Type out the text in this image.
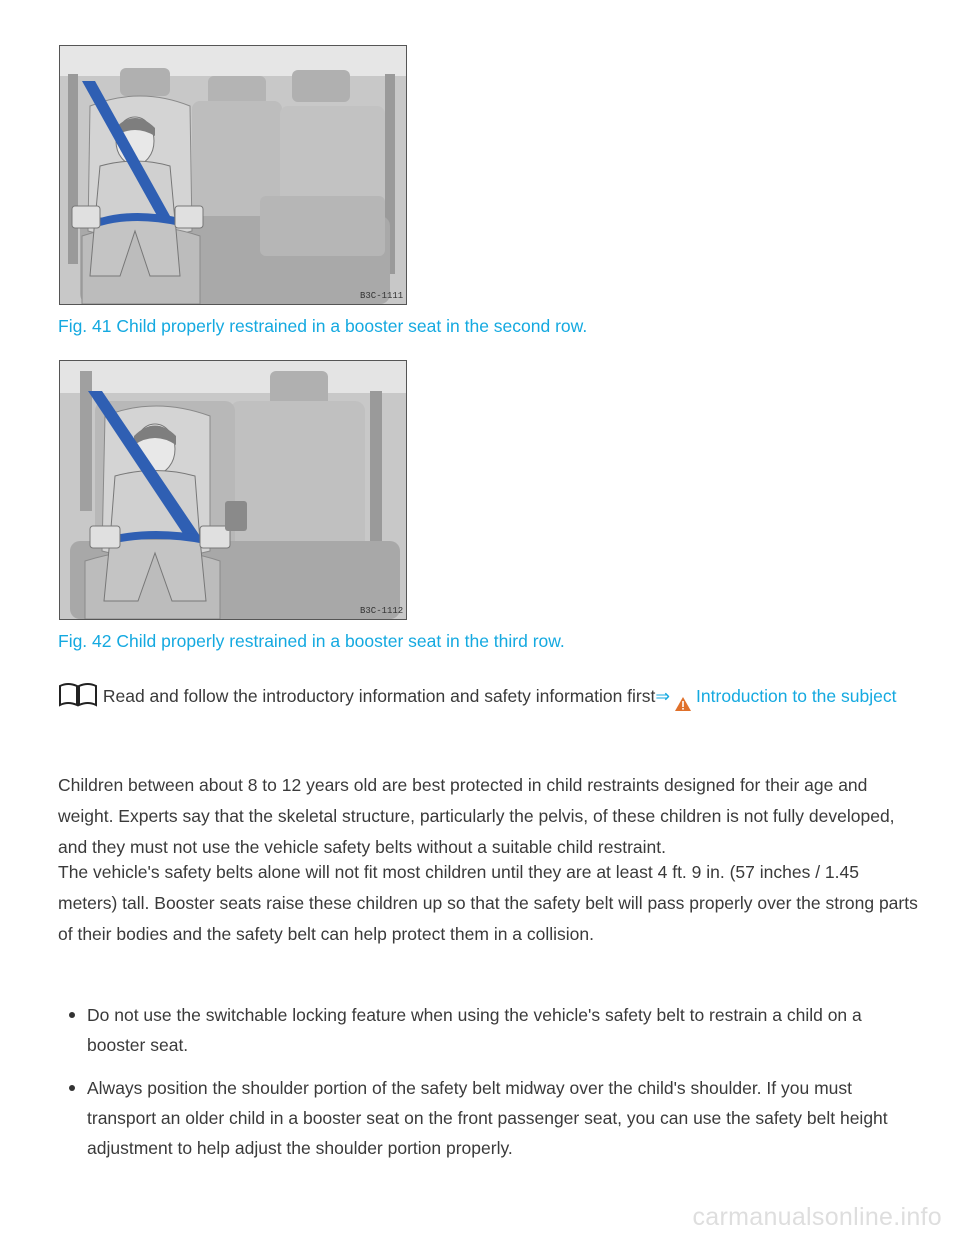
B3C-1111

Fig. 41 Child properly restrained in a booster seat in the second row.

B3C-1112

Fig. 42 Child properly restrained in a booster seat in the third row.

Read and follow the introductory information and safety information first⇒ Introduction to the subject

Children between about 8 to 12 years old are best protected in child restraints designed for their age and weight. Experts say that the skeletal structure, particularly the pelvis, of these children is not fully developed, and they must not use the vehicle safety belts without a suitable child restraint.

The vehicle's safety belts alone will not fit most children until they are at least 4 ft. 9 in. (57 inches / 1.45 meters) tall. Booster seats raise these children up so that the safety belt will pass properly over the strong parts of their bodies and the safety belt can help protect them in a collision.

Do not use the switchable locking feature when using the vehicle's safety belt to restrain a child on a booster seat.
Always position the shoulder portion of the safety belt midway over the child's shoulder. If you must transport an older child in a booster seat on the front passenger seat, you can use the safety belt height adjustment to help adjust the shoulder portion properly.
carmanualsonline.info
